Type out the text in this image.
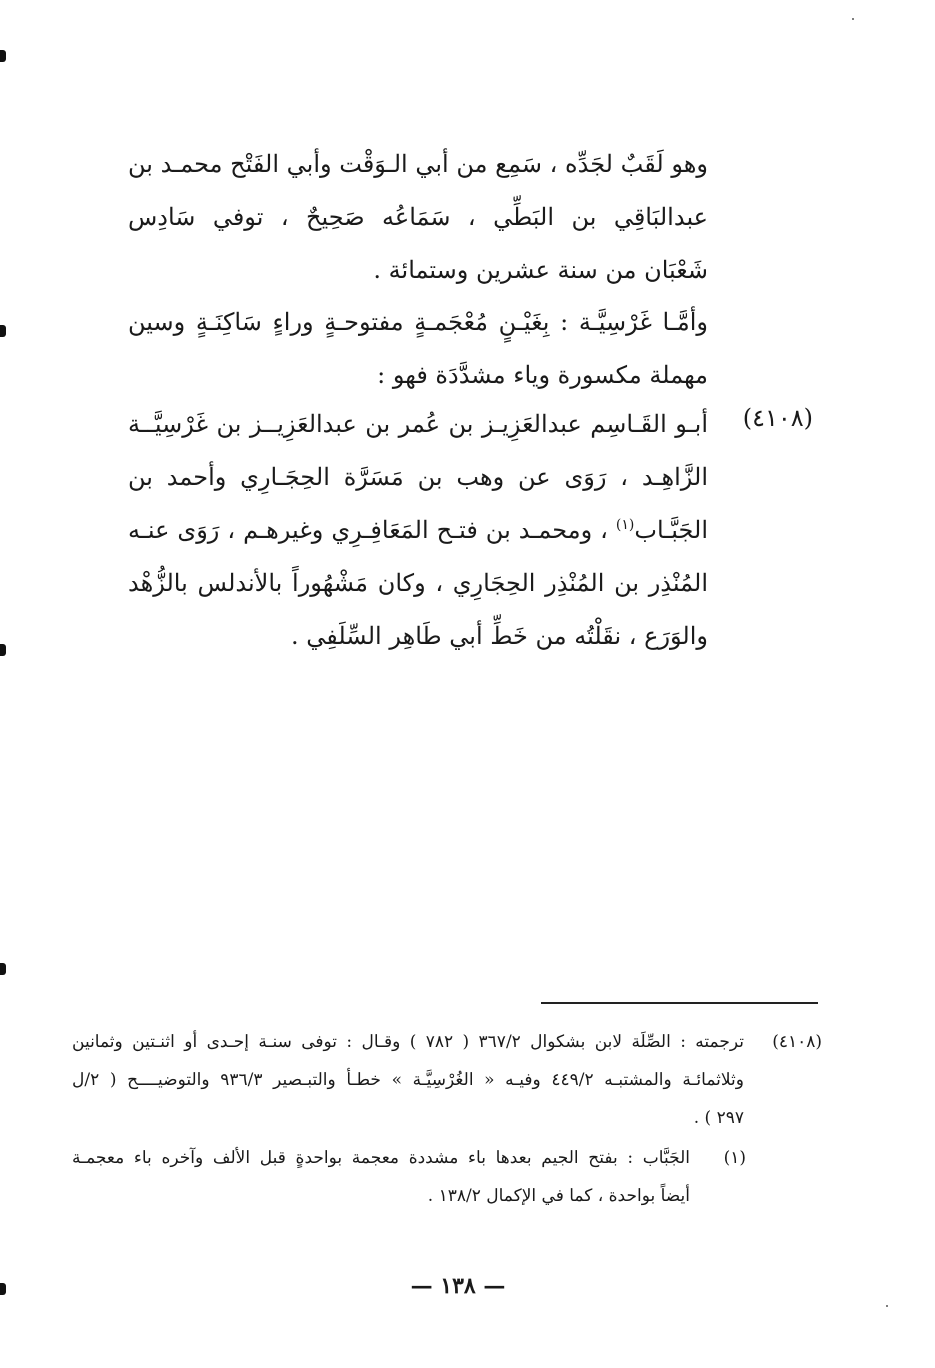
وهو لَقَبٌ لجَدِّه ، سَمِع من أبي الـوَقْت وأبي الفَتْح محمـد بن
عبدالبَاقِي بن البَطِّي ، سَمَاعُه صَحِيحٌ ، توفي سَادِس
شَعْبَان من سنة عشرين وستمائة .
وأمَّـا غَرْسِيَّـة : بِغَيْـنٍ مُعْجَمـةٍ مفتوحـةٍ وراءٍ سَاكِنَـةٍ وسين
مهملة مكسورة وياء مشدَّدَة فهو :
(٤١٠٨)
أبـو القَـاسِم عبدالعَزِيـز بن عُمر بن عبدالعَزِيــز بن غَرْسِيَّــة
الزَّاهِـد ، رَوَى عن وهب بن مَسَرَّة الحِجَـارِي وأحمد بن
الجَبَّـاب$^{(١)}$ ، ومحمـد بن فتـح المَعَافِـرِي وغيرهـم ، رَوَى عنـه
المُنْذِر بن المُنْذِر الحِجَارِي ، وكان مَشْهُوراً بالأندلس بالزُّهْد
والوَرَع ، نقَلْتُه من خَطِّ أبي طَاهِر السِّلَفِي .
(٤١٠٨)
ترجمته : الصِّلَة لابن بشكوال ٣٦٧/٢ ( ٧٨٢ ) وقـال : توفى سنـة إحـدى أو اثنـتين وثمانين
وثلاثمائـة والمشتبـه ٤٤٩/٢ وفيـه « الغُرْسِيَّـة » خطـأ والتبـصير ٩٣٦/٣ والتوضيــــح ( ٢/ل
٢٩٧ ) .
(١)
الجَبَّاب : بفتح الجيم بعدها باء مشددة معجمة بواحدةٍ قبل الألف وآخره باء معجمـة
أيضاً بواحدة ، كما في الإكمال ١٣٨/٢ .
— ١٣٨ —
